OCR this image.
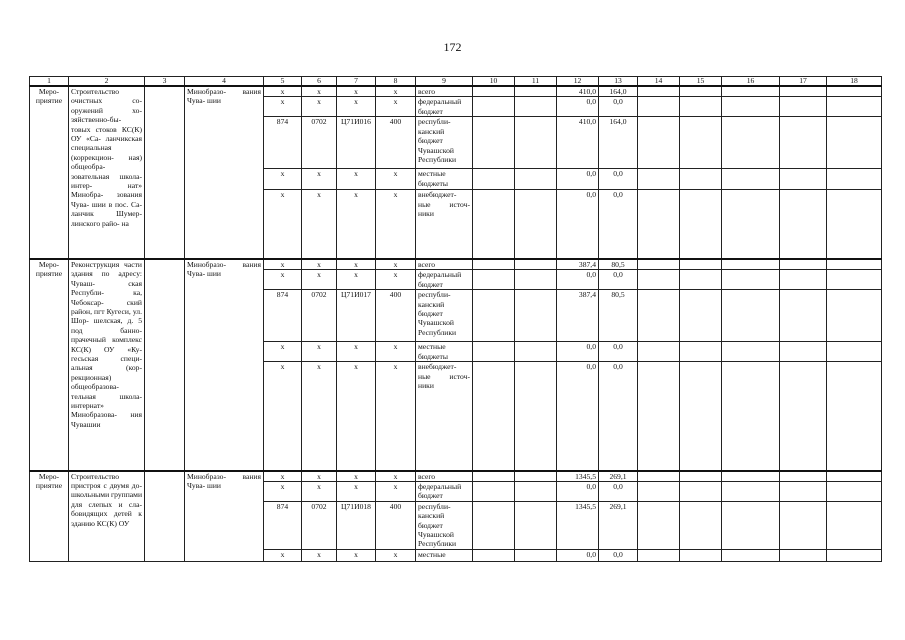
172
1	2	3	4	5	6	7	8	9	10	11	12	13	14	15	16	17	18
Меро-
приятие	Строительство очистных со- оружений хо- зяйственно-бы- товых стоков КС(К) ОУ «Са- ланчикская специальная (коррекцион- ная) общеобра- зовательная школа-интер- нат» Минобра- зования Чува- шии в пос. Са- ланчик Шумер- линского райо- на		Минобразо- вания Чува- шии	x	x	x	x	всего			410,0	164,0					
				x	x	x	x	федеральный бюджет			0,0	0,0					
				874	0702	Ц71И016	400	республи- канский бюджет Чувашской Республики			410,0	164,0					
				x	x	x	x	местные бюджеты			0,0	0,0					
				x	x	x	x	внебюджет- ные источ- ники			0,0	0,0					
Меро-
приятие	Реконструкция части здания по адресу: Чуваш- ская Республи- ка, Чебоксар- ский район, пгт Кугеси, ул. Шор- шелская, д. 5 под банно- прачечный комплекс КС(К) ОУ «Ку- гесьская специ- альная (кор- рекционная) общеобразова- тельная школа- интернат» Минобразова- ния Чувашии		Минобразо- вания Чува- шии	x	x	x	x	всего			387,4	80,5					
				x	x	x	x	федеральный бюджет			0,0	0,0					
				874	0702	Ц71И017	400	республи- канский бюджет Чувашской Республики			387,4	80,5					
				x	x	x	x	местные бюджеты			0,0	0,0					
				x	x	x	x	внебюджет- ные источ- ники			0,0	0,0					
Меро-
приятие	Строительство пристроя с двумя до- школьными группами для слепых и сла- бовидящих детей к зданию КС(К) ОУ		Минобразо- вания Чува- шии	x	x	x	x	всего			1345,5	269,1					
				x	x	x	x	федеральный бюджет			0,0	0,0					
				874	0702	Ц71И018	400	республи- канский бюджет Чувашской Республики			1345,5	269,1					
				x	x	x	x	местные			0,0	0,0					
